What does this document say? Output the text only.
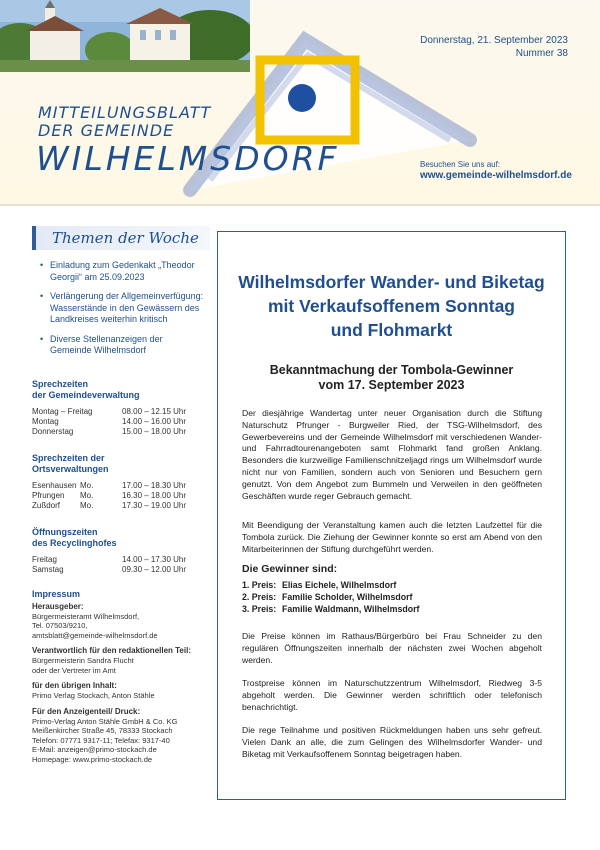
Donnerstag, 21. September 2023
Nummer 38
MITTEILUNGSBLATT
DER GEMEINDE
WILHELMSDORF	Besuchen Sie uns auf:
www.gemeinde-wilhelmsdorf.de
Themen der Woche
• Einladung zum Gedenkakt „Theodor Georgii“ am 25.09.2023
• Verlängerung der Allgemeinverfügung: Wasserstände in den Gewässern des Landkreises weiterhin kritisch
• Diverse Stellenanzeigen der Gemeinde Wilhelmsdorf
Sprechzeiten
der Gemeindeverwaltung
Montag – Freitag	08.00 – 12.15 Uhr
Montag	14.00 – 16.00 Uhr
Donnerstag	15.00 – 18.00 Uhr
Sprechzeiten der
Ortsverwaltungen
Esenhausen Mo.	17.00 – 18.30 Uhr
Pfrungen	Mo.	16.30 – 18.00 Uhr
Zußdorf	Mo.	17.30 – 19.00 Uhr
Öffnungszeiten
des Recyclinghofes
Freitag	14.00 – 17.30 Uhr
Samstag	09.30 – 12.00 Uhr
Impressum
Herausgeber:
Bürgermeisteramt Wilhelmsdorf,
Tel. 07503/9210,
amtsblatt@gemeinde-wilhelmsdorf.de
Verantwortlich für den redaktionellen Teil:
Bürgermeisterin Sandra Flucht
oder der Vertreter im Amt
für den übrigen Inhalt:
Primo Verlag Stockach, Anton Stähle
Für den Anzeigenteil/ Druck:
Primo-Verlag Anton Stähle GmbH & Co. KG
Meißenkircher Straße 45, 78333 Stockach
Telefon: 07771 9317-11; Telefax: 9317-40
E-Mail: anzeigen@primo-stockach.de
Homepage: www.primo-stockach.de
Wilhelmsdorfer Wander- und Biketag
mit Verkaufsoffenem Sonntag
und Flohmarkt
Bekanntmachung der Tombola-Gewinner
vom 17. September 2023
Der diesjährige Wandertag unter neuer Organisation durch die Stiftung Naturschutz Pfrunger - Burgweiler Ried, der TSG-Wilhelmsdorf, des Gewerbevereins und der Gemeinde Wilhelmsdorf mit verschiedenen Wander- und Fahrradtourenangeboten samt Flohmarkt fand großen Anklang. Besonders die kurzweilige Familienschnitzeljagd rings um Wilhelmsdorf wurde nicht nur von Familien, sondern auch von Senioren und Besuchern gern genutzt. Von dem Angebot zum Bummeln und Verweilen in den geöffneten Geschäften wurde reger Gebrauch gemacht.
Mit Beendigung der Veranstaltung kamen auch die letzten Laufzettel für die Tombola zurück. Die Ziehung der Gewinner konnte so erst am Abend von den Mitarbeiterinnen der Stiftung durchgeführt werden.
Die Gewinner sind:
1. Preis: Elias Eichele, Wilhelmsdorf
2. Preis: Familie Scholder, Wilhelmsdorf
3. Preis: Familie Waldmann, Wilhelmsdorf
Die Preise können im Rathaus/Bürgerbüro bei Frau Schneider zu den regulären Öffnungszeiten innerhalb der nächsten zwei Wochen abgeholt werden.
Trostpreise können im Naturschutzzentrum Wilhelmsdorf, Riedweg 3-5 abgeholt werden. Die Gewinner werden schriftlich oder telefonisch benachrichtigt.
Die rege Teilnahme und positiven Rückmeldungen haben uns sehr gefreut. Vielen Dank an alle, die zum Gelingen des Wilhelmsdorfer Wander- und Biketag mit Verkaufsoffenem Sonntag beigetragen haben.
